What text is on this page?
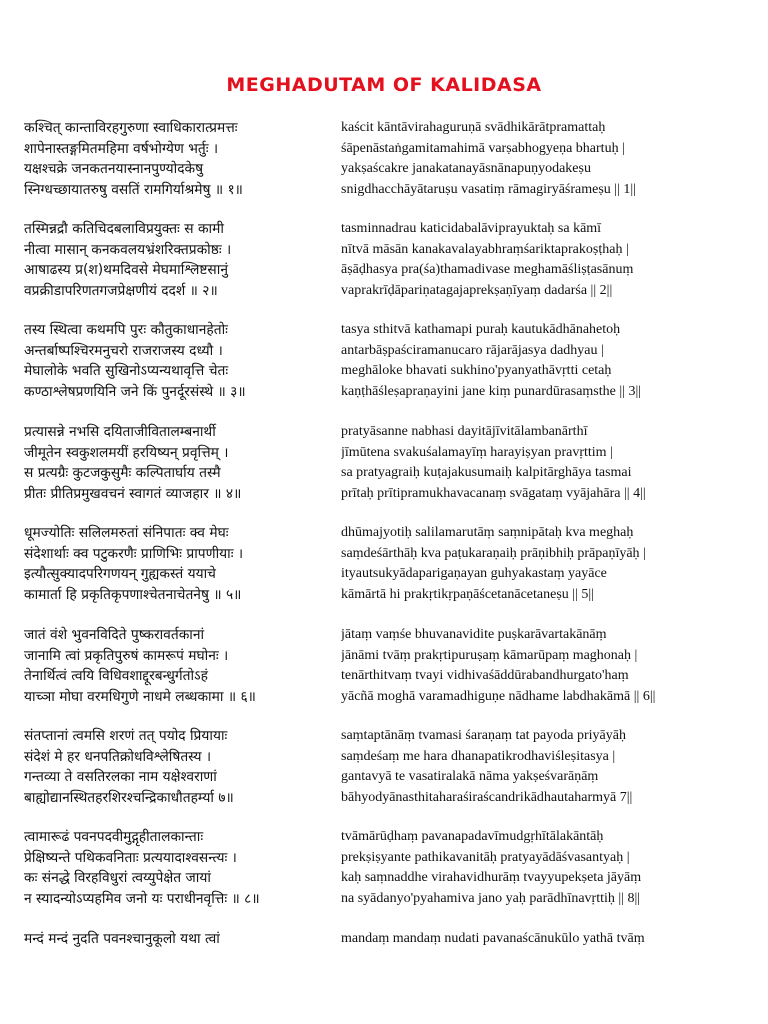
MEGHADUTAM OF KALIDASA
कश्चित् कान्ताविरहगुरुणा स्वाधिकारात्प्रमत्तः
शापेनास्तङ्गमितमहिमा वर्षभोग्येण भर्तुः ।
यक्षश्चक्रे जनकतनयास्नानपुण्योदकेषु
स्निग्धच्छायातरुषु वसतिं रामगिर्याश्रमेषु ॥ १॥
kaścit kāntāvirahaguruṇā svādhikārātpramattaḥ
śāpenāstaṅgamitamahimā varṣabhogyeṇa bhartuḥ |
yakṣaścakre janakatanayāsnānapuṇyodakeṣu
snigdhacchāyātaruṣu vasatiṃ rāmagiryāśrameṣu || 1||
तस्मिन्नद्रौ कतिचिदबलाविप्रयुक्तः स कामी
नीत्वा मासान् कनकवलयभ्रंशरिक्तप्रकोष्ठः ।
आषाढस्य प्र(श)थमदिवसे मेघमाश्लिष्टसानुं
वप्रक्रीडापरिणतगजप्रेक्षणीयं ददर्श ॥ २॥
tasminnadrau katicidabalāviprayuktaḥ sa kāmī
nītvā māsān kanakavalayabhraṃśariktaprakoṣṭhaḥ |
āṣāḍhasya pra(śa)thamadivase meghamāśliṣṭasānuṃ
vaprakrīḍāpariṇatagajaprekṣaṇīyaṃ dadarśa || 2||
तस्य स्थित्वा कथमपि पुरः कौतुकाधानहेतोः
अन्तर्बाष्पश्चिरमनुचरो राजराजस्य दध्यौ ।
मेघालोके भवति सुखिनोऽप्यन्यथावृत्ति चेतः
कण्ठाश्लेषप्रणयिनि जने किं पुनर्दूरसंस्थे ॥ ३॥
tasya sthitvā kathamapi puraḥ kautukādhānahetoḥ
antarbāṣpaściramanucaro rājarājasya dadhyau |
meghāloke bhavati sukhino'pyanyathāvṛtti cetaḥ
kaṇṭhāśleṣapraṇayini jane kiṃ punardūrasaṃsthe || 3||
प्रत्यासन्ने नभसि दयिताजीवितालम्बनार्थी
जीमूतेन स्वकुशलमयीं हरयिष्यन् प्रवृत्तिम् ।
स प्रत्यग्रैः कुटजकुसुमैः कल्पितार्घाय तस्मै
प्रीतः प्रीतिप्रमुखवचनं स्वागतं व्याजहार ॥ ४॥
pratyāsanne nabhasi dayitājīvitālambanārthī
jīmūtena svakuśalamayīṃ harayiṣyan pravṛttim |
sa pratyagraiḥ kuṭajakusumaiḥ kalpitārghāya tasmai
prītaḥ prītipramukhavacanaṃ svāgataṃ vyājahāra || 4||
धूमज्योतिः सलिलमरुतां संनिपातः क्व मेघः
संदेशार्थाः क्व पटुकरणैः प्राणिभिः प्रापणीयाः ।
इत्यौत्सुक्यादपरिगणयन् गुह्यकस्तं ययाचे
कामार्ता हि प्रकृतिकृपणाश्चेतनाचेतनेषु ॥ ५॥
dhūmajyotiḥ salilamarutāṃ saṃnipātaḥ kva meghaḥ
saṃdeśārthāḥ kva paṭukaraṇaiḥ prāṇibhiḥ prāpaṇīyāḥ |
ityautsukyādaparigaṇayan guhyakastaṃ yayāce
kāmārtā hi prakṛtikṛpaṇāścetanācetaneṣu || 5||
जातं वंशे भुवनविदिते पुष्करावर्तकानां
जानामि त्वां प्रकृतिपुरुषं कामरूपं मघोनः ।
तेनार्थित्वं त्वयि विधिवशाद्दूरबन्धुर्गतोऽहं
याच्ञा मोघा वरमधिगुणे नाधमे लब्धकामा ॥ ६॥
jātaṃ vaṃśe bhuvanavidite puṣkarāvartakānāṃ
jānāmi tvāṃ prakṛtipuruṣaṃ kāmarūpaṃ maghonaḥ |
tenārthitvaṃ tvayi vidhivaśāddūrabandhurgato'haṃ
yācñā moghā varamadhiguṇe nādhame labdhakāmā || 6||
संतप्तानां त्वमसि शरणं तत् पयोद प्रियायाः
संदेशं मे हर धनपतिक्रोधविश्लेषितस्य ।
गन्तव्या ते वसतिरलका नाम यक्षेश्वराणां
बाह्योद्यानस्थितहरशिरश्चन्द्रिकाधौतहर्म्या ७॥
saṃtaptānāṃ tvamasi śaraṇaṃ tat payoda priyāyāḥ
saṃdeśaṃ me hara dhanapatikrodhaviśleṣitasya |
gantavyā te vasatiralakā nāma yakṣeśvarāṇāṃ
bāhyodyānasthitaharaśiraścandrikādhautaharmyā 7||
त्वामारूढं पवनपदवीमुद्गृहीतालकान्ताः
प्रेक्षिष्यन्ते पथिकवनिताः प्रत्ययादाश्वसन्त्यः ।
कः संनद्धे विरहविधुरां त्वय्युपेक्षेत जायां
न स्यादन्योऽप्यहमिव जनो यः पराधीनवृत्तिः ॥ ८॥
tvāmārūḍhaṃ pavanapadavīmudgṛhītālakāntāḥ
prekṣiṣyante pathikavanitāḥ pratyayādāśvasantyaḥ |
kaḥ saṃnaddhe virahavidhurāṃ tvayyupekṣeta jāyāṃ
na syādanyo'pyahamiva jano yaḥ parādhīnavṛttiḥ || 8||
मन्दं मन्दं नुदति पवनश्चानुकूलो यथा त्वां	mandaṃ mandaṃ nudati pavanaścānukūlo yathā tvāṃ
